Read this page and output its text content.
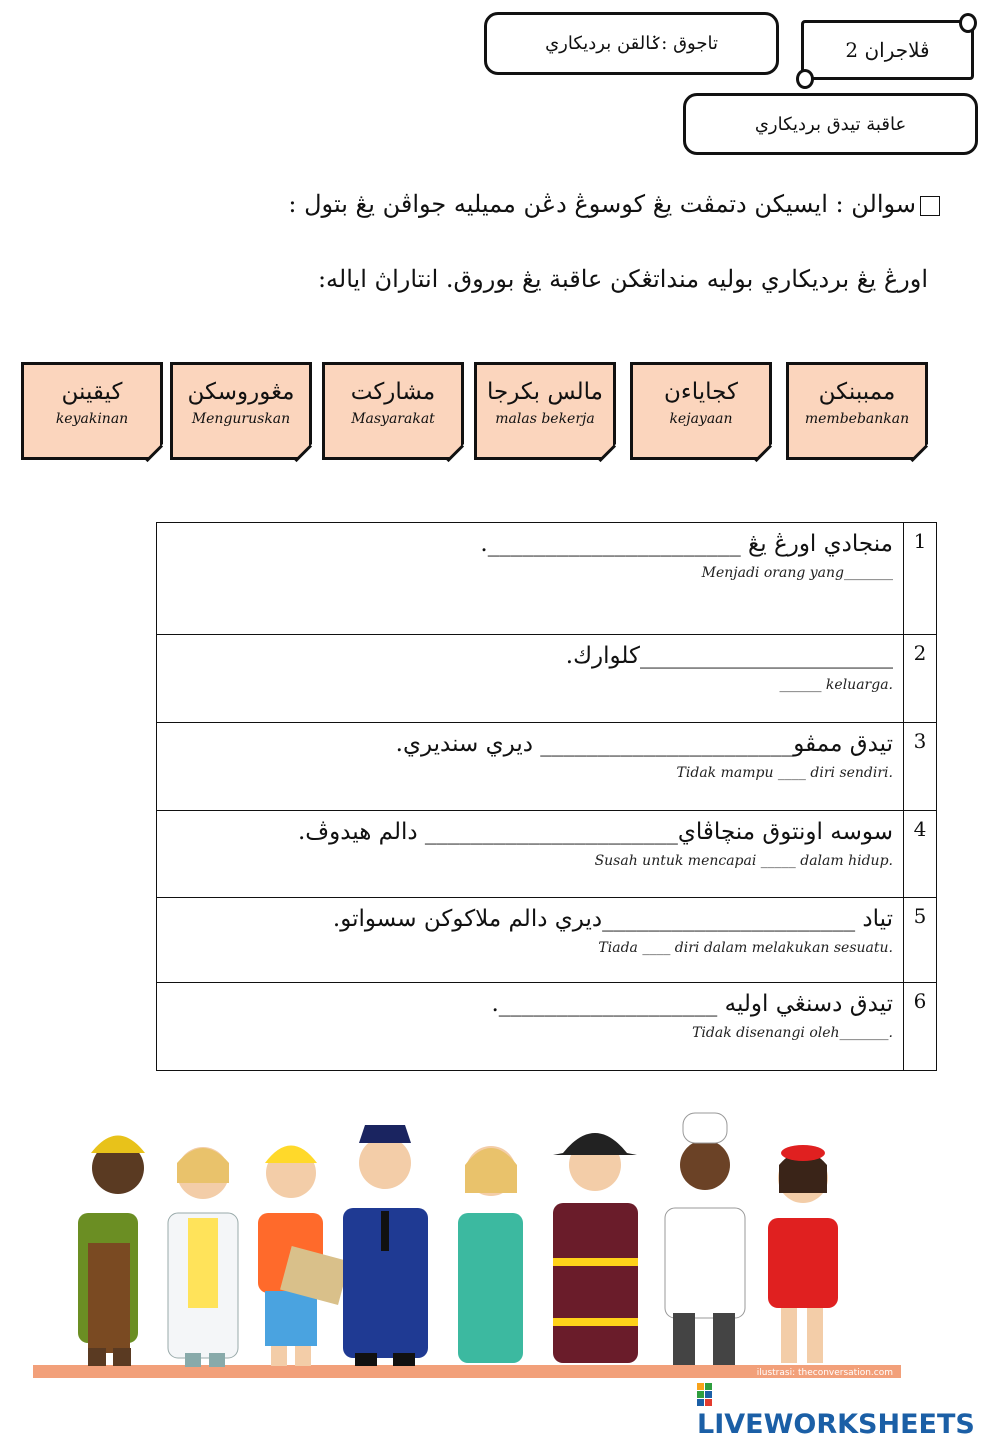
تاجوق :ݢالقن برديكاري	ڤلاجران 2
عاقبة تيدق برديكاري
سوالن : ايسيكن دتمڤت يڠ كوسوڠ دڠن مميليه جواڤن يڠ بتول :
اورڠ يڠ برديكاري بوليه منداتڠكن عاقبة يڠ بوروق. انتاراڽ اياله:
ممببنكن
membebankan
كجاياءن
kejayaan
مالس بكرجا
malas bekerja
مشاركت
Masyarakat
مڠوروسكن
Menguruskan
كيقينن
keyakinan
منجادي اورڠ يڠ ______________________.
Menjadi orang yang_______	1

______________________كلوارك.
______ keluarga.	2

تيدق ممڤو______________________ ديري سنديري.
Tidak mampu ____ diri sendiri.	3

سوسه اونتوق منچاڤاي______________________ دالم هيدوڤ.
Susah untuk mencapai _____ dalam hidup.	4

تياد ______________________ديري دالم ملاكوكن سسواتو.
Tiada ____ diri dalam melakukan sesuatu.	5

تيدق دسنڠي اوليه ___________________.
Tidak disenangi oleh_______.	6
ilustrasi: theconversation.com
LIVEWORKSHEETS
